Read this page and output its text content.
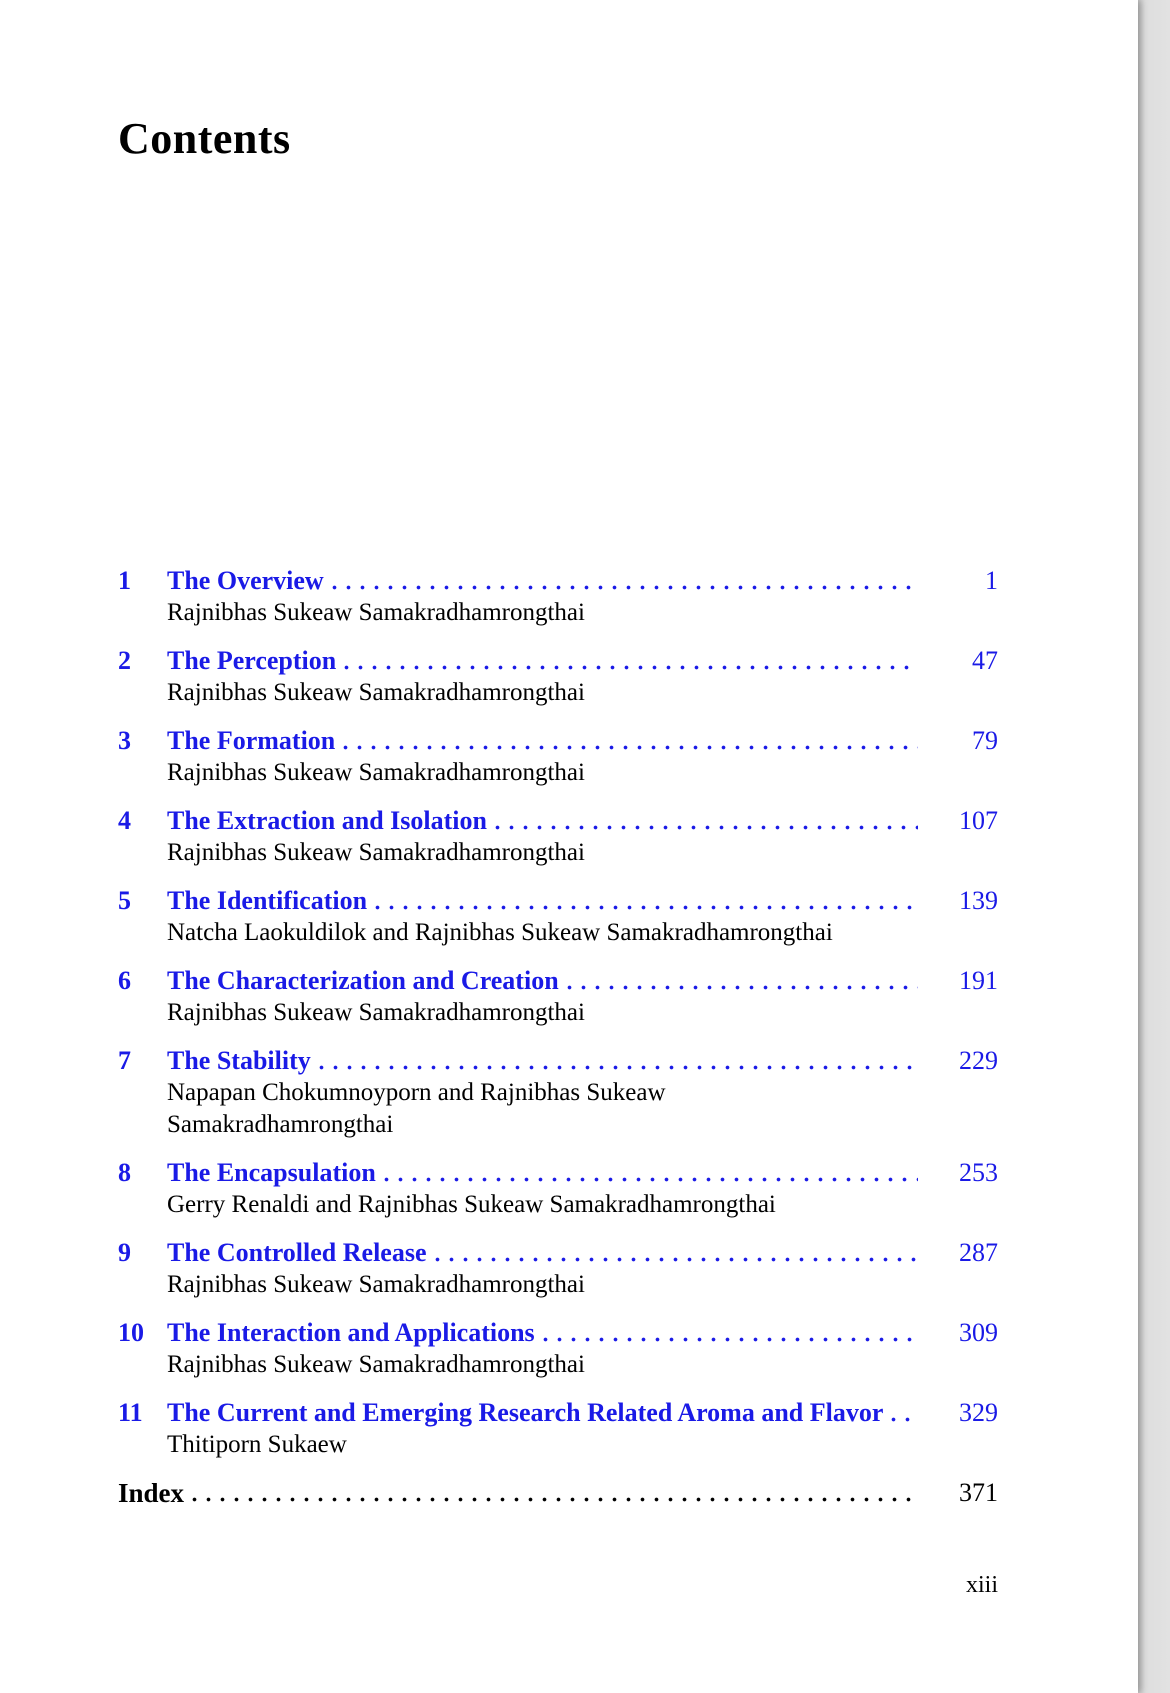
Contents
1	The Overview	1
Rajnibhas Sukeaw Samakradhamrongthai
2	The Perception	47
Rajnibhas Sukeaw Samakradhamrongthai
3	The Formation	79
Rajnibhas Sukeaw Samakradhamrongthai
4	The Extraction and Isolation	107
Rajnibhas Sukeaw Samakradhamrongthai
5	The Identification	139
Natcha Laokuldilok and Rajnibhas Sukeaw Samakradhamrongthai
6	The Characterization and Creation	191
Rajnibhas Sukeaw Samakradhamrongthai
7	The Stability	229
Napapan Chokumnoyporn and Rajnibhas Sukeaw
Samakradhamrongthai
8	The Encapsulation	253
Gerry Renaldi and Rajnibhas Sukeaw Samakradhamrongthai
9	The Controlled Release	287
Rajnibhas Sukeaw Samakradhamrongthai
10 The Interaction and Applications	309
Rajnibhas Sukeaw Samakradhamrongthai
11 The Current and Emerging Research Related Aroma and Flavor	329
Thitiporn Sukaew
Index	371
xiii
